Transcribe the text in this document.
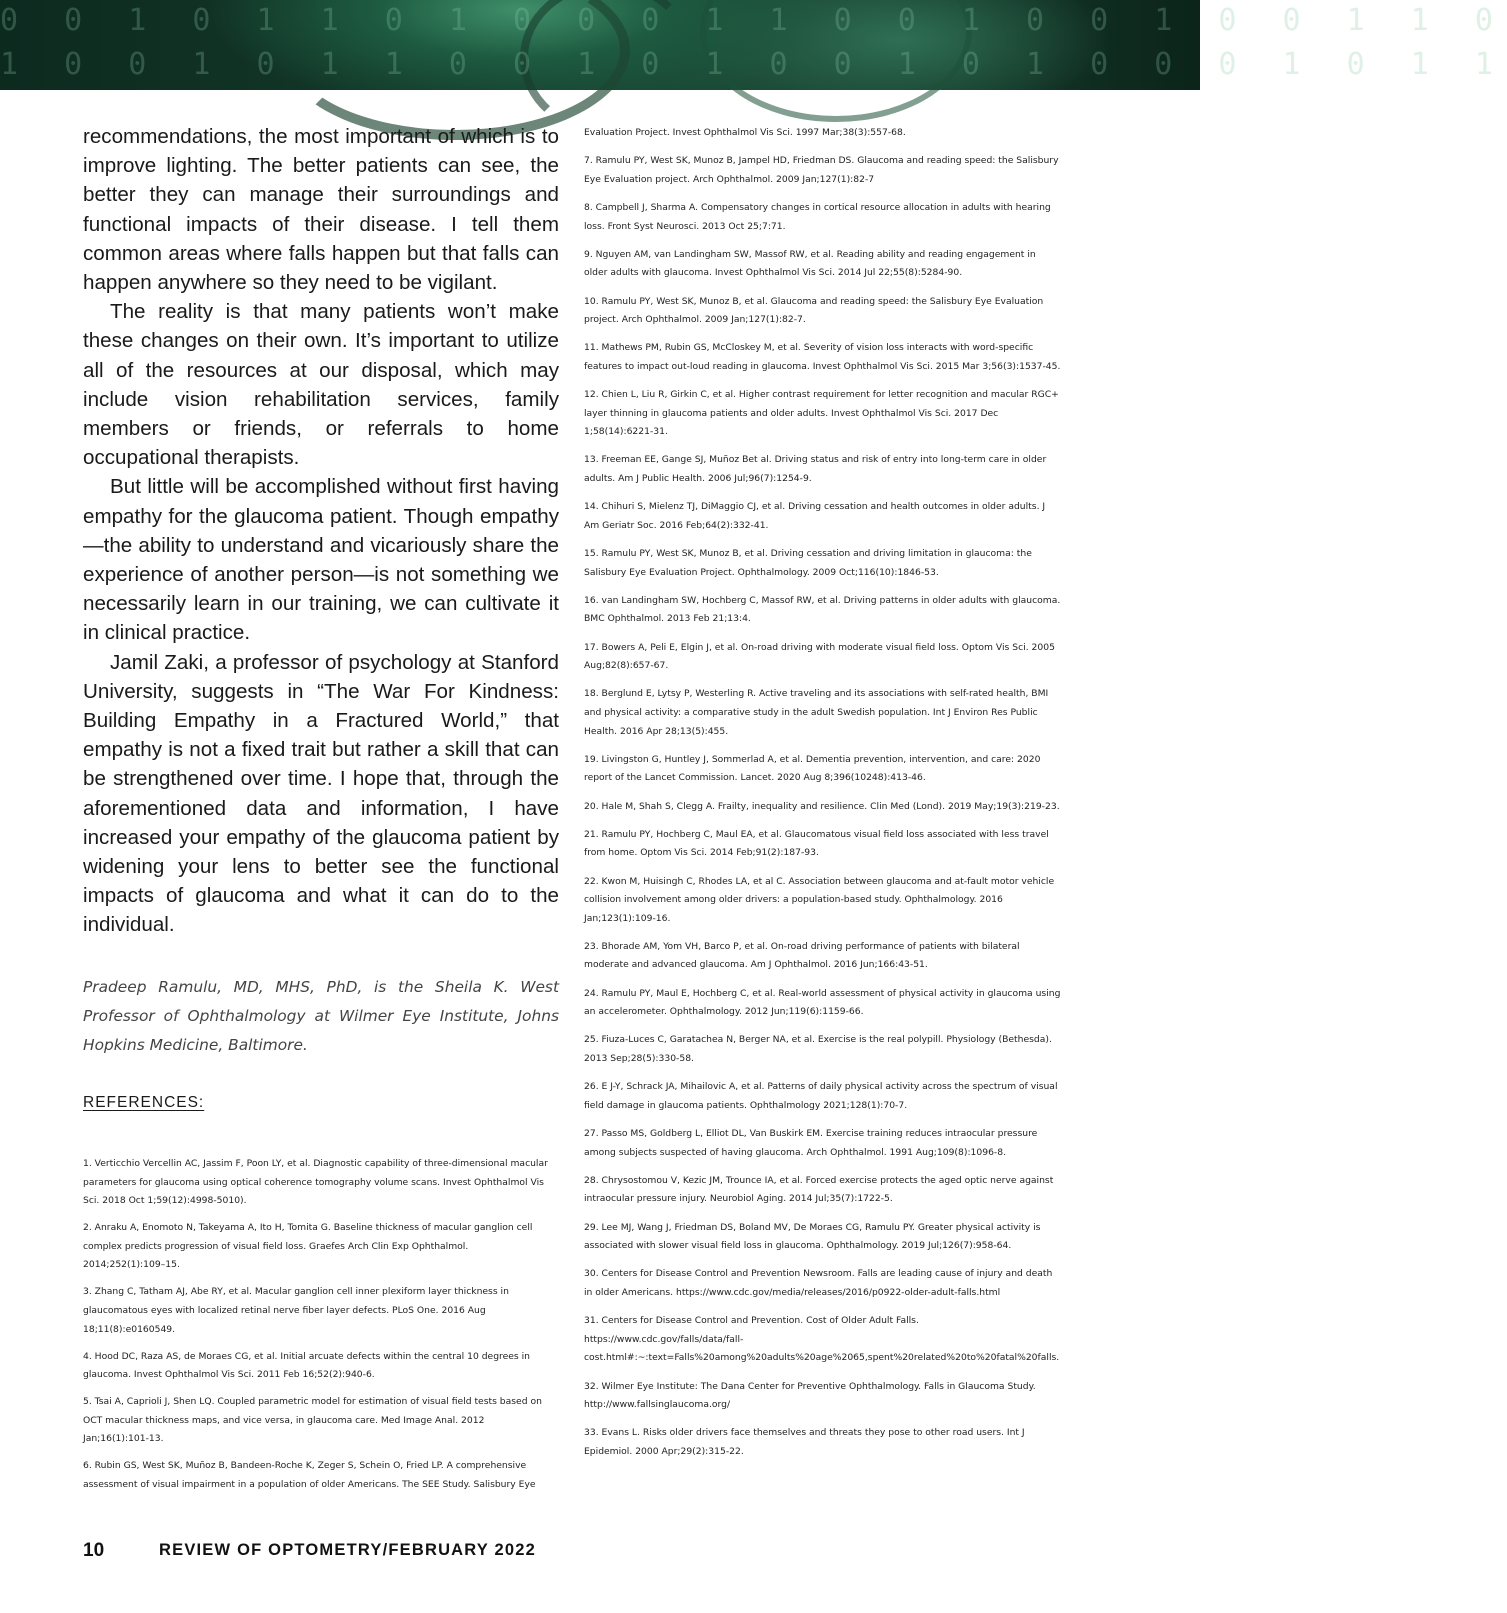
0 0 1 0 1 1 0 1 0 0 0 1 1 0 0 1 0 0 1 0 0 1 1 0
1 0 0 1 0 1 1 0 0 1 0 1 0 0 1 0 1 0 0 0 1 0 1 1

recommendations, the most important of which is to improve lighting. The better patients can see, the better they can manage their surroundings and functional impacts of their disease. I tell them common areas where falls happen but that falls can happen anywhere so they need to be vigilant.

The reality is that many patients won’t make these changes on their own. It’s important to utilize all of the resources at our disposal, which may include vision rehabilitation services, family members or friends, or referrals to home occupational therapists.

But little will be accomplished without first having empathy for the glaucoma patient. Though empathy—the ability to understand and vicariously share the experience of another person—is not something we necessarily learn in our training, we can cultivate it in clinical practice.

Jamil Zaki, a professor of psychology at Stanford University, suggests in “The War For Kindness: Building Empathy in a Fractured World,” that empathy is not a fixed trait but rather a skill that can be strengthened over time. I hope that, through the aforementioned data and information, I have increased your empathy of the glaucoma patient by widening your lens to better see the functional impacts of glaucoma and what it can do to the individual.

Pradeep Ramulu, MD, MHS, PhD, is the Sheila K. West Professor of Ophthalmology at Wilmer Eye Institute, Johns Hopkins Medicine, Baltimore.
REFERENCES:

1. Verticchio Vercellin AC, Jassim F, Poon LY, et al. Diagnostic capability of three-dimensional macular parameters for glaucoma using optical coherence tomography volume scans. Invest Ophthalmol Vis Sci. 2018 Oct 1;59(12):4998-5010).

2. Anraku A, Enomoto N, Takeyama A, Ito H, Tomita G. Baseline thickness of macular ganglion cell complex predicts progression of visual field loss. Graefes Arch Clin Exp Ophthalmol. 2014;252(1):109–15.

3. Zhang C, Tatham AJ, Abe RY, et al. Macular ganglion cell inner plexiform layer thickness in glaucomatous eyes with localized retinal nerve fiber layer defects. PLoS One. 2016 Aug 18;11(8):e0160549.

4. Hood DC, Raza AS, de Moraes CG, et al. Initial arcuate defects within the central 10 degrees in glaucoma. Invest Ophthalmol Vis Sci. 2011 Feb 16;52(2):940-6.

5. Tsai A, Caprioli J, Shen LQ. Coupled parametric model for estimation of visual field tests based on OCT macular thickness maps, and vice versa, in glaucoma care. Med Image Anal. 2012 Jan;16(1):101-13.

6. Rubin GS, West SK, Muñoz B, Bandeen-Roche K, Zeger S, Schein O, Fried LP. A comprehensive assessment of visual impairment in a population of older Americans. The SEE Study. Salisbury Eye

Evaluation Project. Invest Ophthalmol Vis Sci. 1997 Mar;38(3):557-68.

7. Ramulu PY, West SK, Munoz B, Jampel HD, Friedman DS. Glaucoma and reading speed: the Salisbury Eye Evaluation project. Arch Ophthalmol. 2009 Jan;127(1):82-7

8. Campbell J, Sharma A. Compensatory changes in cortical resource allocation in adults with hearing loss. Front Syst Neurosci. 2013 Oct 25;7:71.

9. Nguyen AM, van Landingham SW, Massof RW, et al. Reading ability and reading engagement in older adults with glaucoma. Invest Ophthalmol Vis Sci. 2014 Jul 22;55(8):5284-90.

10. Ramulu PY, West SK, Munoz B, et al. Glaucoma and reading speed: the Salisbury Eye Evaluation project. Arch Ophthalmol. 2009 Jan;127(1):82-7.

11. Mathews PM, Rubin GS, McCloskey M, et al. Severity of vision loss interacts with word-specific features to impact out-loud reading in glaucoma. Invest Ophthalmol Vis Sci. 2015 Mar 3;56(3):1537-45.

12. Chien L, Liu R, Girkin C, et al. Higher contrast requirement for letter recognition and macular RGC+ layer thinning in glaucoma patients and older adults. Invest Ophthalmol Vis Sci. 2017 Dec 1;58(14):6221-31.

13. Freeman EE, Gange SJ, Muñoz Bet al. Driving status and risk of entry into long-term care in older adults. Am J Public Health. 2006 Jul;96(7):1254-9.

14. Chihuri S, Mielenz TJ, DiMaggio CJ, et al. Driving cessation and health outcomes in older adults. J Am Geriatr Soc. 2016 Feb;64(2):332-41.

15. Ramulu PY, West SK, Munoz B, et al. Driving cessation and driving limitation in glaucoma: the Salisbury Eye Evaluation Project. Ophthalmology. 2009 Oct;116(10):1846-53.

16. van Landingham SW, Hochberg C, Massof RW, et al. Driving patterns in older adults with glaucoma. BMC Ophthalmol. 2013 Feb 21;13:4.

17. Bowers A, Peli E, Elgin J, et al. On-road driving with moderate visual field loss. Optom Vis Sci. 2005 Aug;82(8):657-67.

18. Berglund E, Lytsy P, Westerling R. Active traveling and its associations with self-rated health, BMI and physical activity: a comparative study in the adult Swedish population. Int J Environ Res Public Health. 2016 Apr 28;13(5):455.

19. Livingston G, Huntley J, Sommerlad A, et al. Dementia prevention, intervention, and care: 2020 report of the Lancet Commission. Lancet. 2020 Aug 8;396(10248):413-46.

20. Hale M, Shah S, Clegg A. Frailty, inequality and resilience. Clin Med (Lond). 2019 May;19(3):219-23.

21. Ramulu PY, Hochberg C, Maul EA, et al. Glaucomatous visual field loss associated with less travel from home. Optom Vis Sci. 2014 Feb;91(2):187-93.

22. Kwon M, Huisingh C, Rhodes LA, et al C. Association between glaucoma and at-fault motor vehicle collision involvement among older drivers: a population-based study. Ophthalmology. 2016 Jan;123(1):109-16.

23. Bhorade AM, Yom VH, Barco P, et al. On-road driving performance of patients with bilateral moderate and advanced glaucoma. Am J Ophthalmol. 2016 Jun;166:43-51.

24. Ramulu PY, Maul E, Hochberg C, et al. Real-world assessment of physical activity in glaucoma using an accelerometer. Ophthalmology. 2012 Jun;119(6):1159-66.

25. Fiuza-Luces C, Garatachea N, Berger NA, et al. Exercise is the real polypill. Physiology (Bethesda). 2013 Sep;28(5):330-58.

26. E J-Y, Schrack JA, Mihailovic A, et al. Patterns of daily physical activity across the spectrum of visual field damage in glaucoma patients. Ophthalmology 2021;128(1):70-7.

27. Passo MS, Goldberg L, Elliot DL, Van Buskirk EM. Exercise training reduces intraocular pressure among subjects suspected of having glaucoma. Arch Ophthalmol. 1991 Aug;109(8):1096-8.

28. Chrysostomou V, Kezic JM, Trounce IA, et al. Forced exercise protects the aged optic nerve against intraocular pressure injury. Neurobiol Aging. 2014 Jul;35(7):1722-5.

29. Lee MJ, Wang J, Friedman DS, Boland MV, De Moraes CG, Ramulu PY. Greater physical activity is associated with slower visual field loss in glaucoma. Ophthalmology. 2019 Jul;126(7):958-64.

30. Centers for Disease Control and Prevention Newsroom. Falls are leading cause of injury and death in older Americans. https://www.cdc.gov/media/releases/2016/p0922-older-adult-falls.html

31. Centers for Disease Control and Prevention. Cost of Older Adult Falls. https://www.cdc.gov/falls/data/fall-cost.html#:~:text=Falls%20among%20adults%20age%2065,spent%20related%20to%20fatal%20falls.

32. Wilmer Eye Institute: The Dana Center for Preventive Ophthalmology. Falls in Glaucoma Study. http://www.fallsinglaucoma.org/

33. Evans L. Risks older drivers face themselves and threats they pose to other road users. Int J Epidemiol. 2000 Apr;29(2):315-22.

10	REVIEW OF OPTOMETRY/FEBRUARY 2022
